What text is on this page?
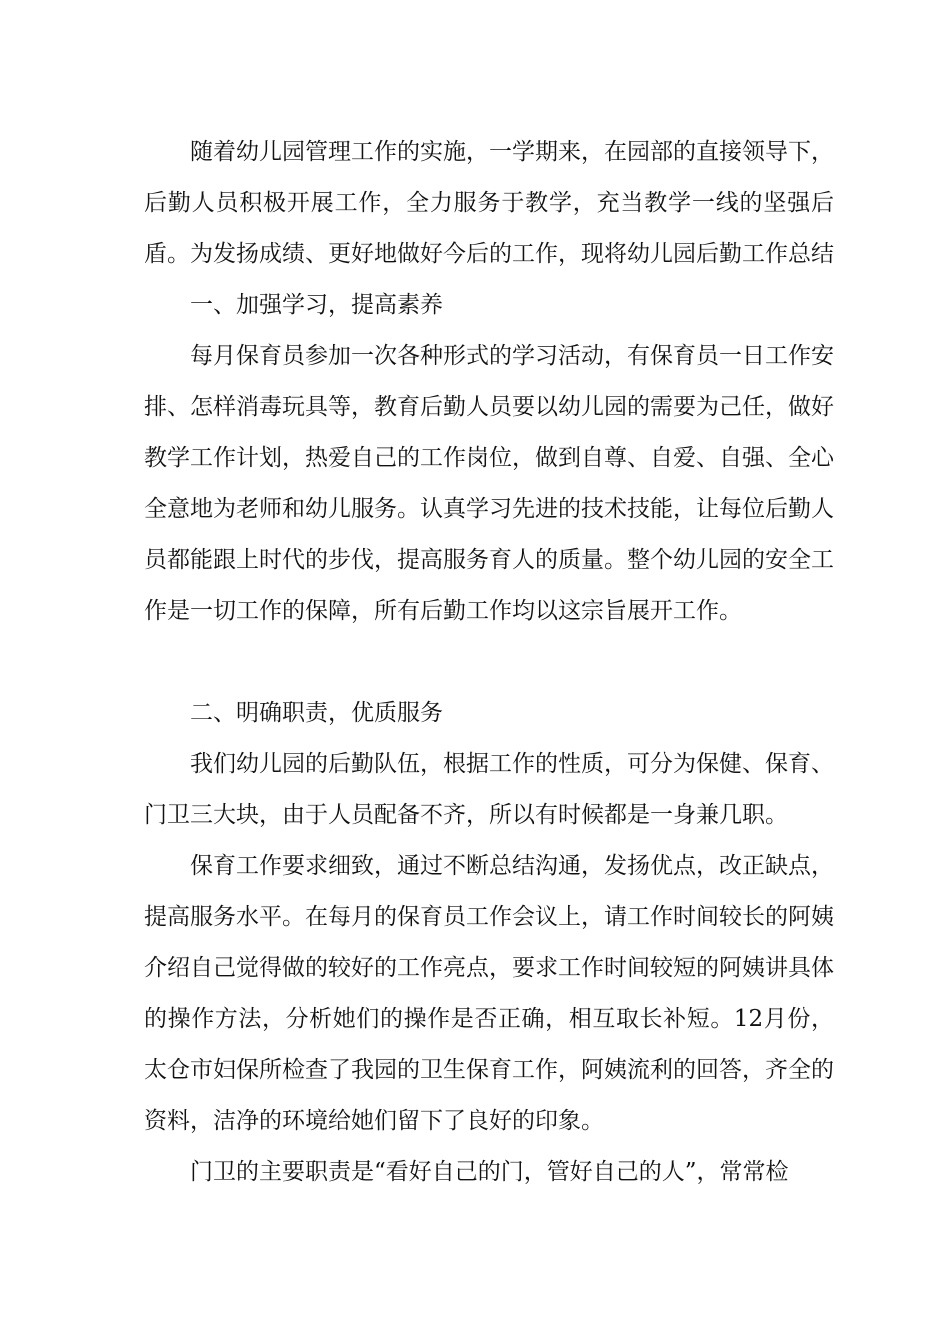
随着幼儿园管理工作的实施，一学期来，在园部的直接领导下，后勤人员积极开展工作，全力服务于教学，充当教学一线的坚强后盾。为发扬成绩、更好地做好今后的工作，现将幼儿园后勤工作总结

一、加强学习，提高素养

每月保育员参加一次各种形式的学习活动，有保育员一日工作安排、怎样消毒玩具等，教育后勤人员要以幼儿园的需要为己任，做好教学工作计划，热爱自己的工作岗位，做到自尊、自爱、自强、全心全意地为老师和幼儿服务。认真学习先进的技术技能，让每位后勤人员都能跟上时代的步伐，提高服务育人的质量。整个幼儿园的安全工作是一切工作的保障，所有后勤工作均以这宗旨展开工作。

二、明确职责，优质服务

我们幼儿园的后勤队伍，根据工作的性质，可分为保健、保育、门卫三大块，由于人员配备不齐，所以有时候都是一身兼几职。

保育工作要求细致，通过不断总结沟通，发扬优点，改正缺点，提高服务水平。在每月的保育员工作会议上，请工作时间较长的阿姨介绍自己觉得做的较好的工作亮点，要求工作时间较短的阿姨讲具体的操作方法，分析她们的操作是否正确，相互取长补短。12月份，太仓市妇保所检查了我园的卫生保育工作，阿姨流利的回答，齐全的资料，洁净的环境给她们留下了良好的印象。

门卫的主要职责是“看好自己的门，管好自己的人”，常常检
